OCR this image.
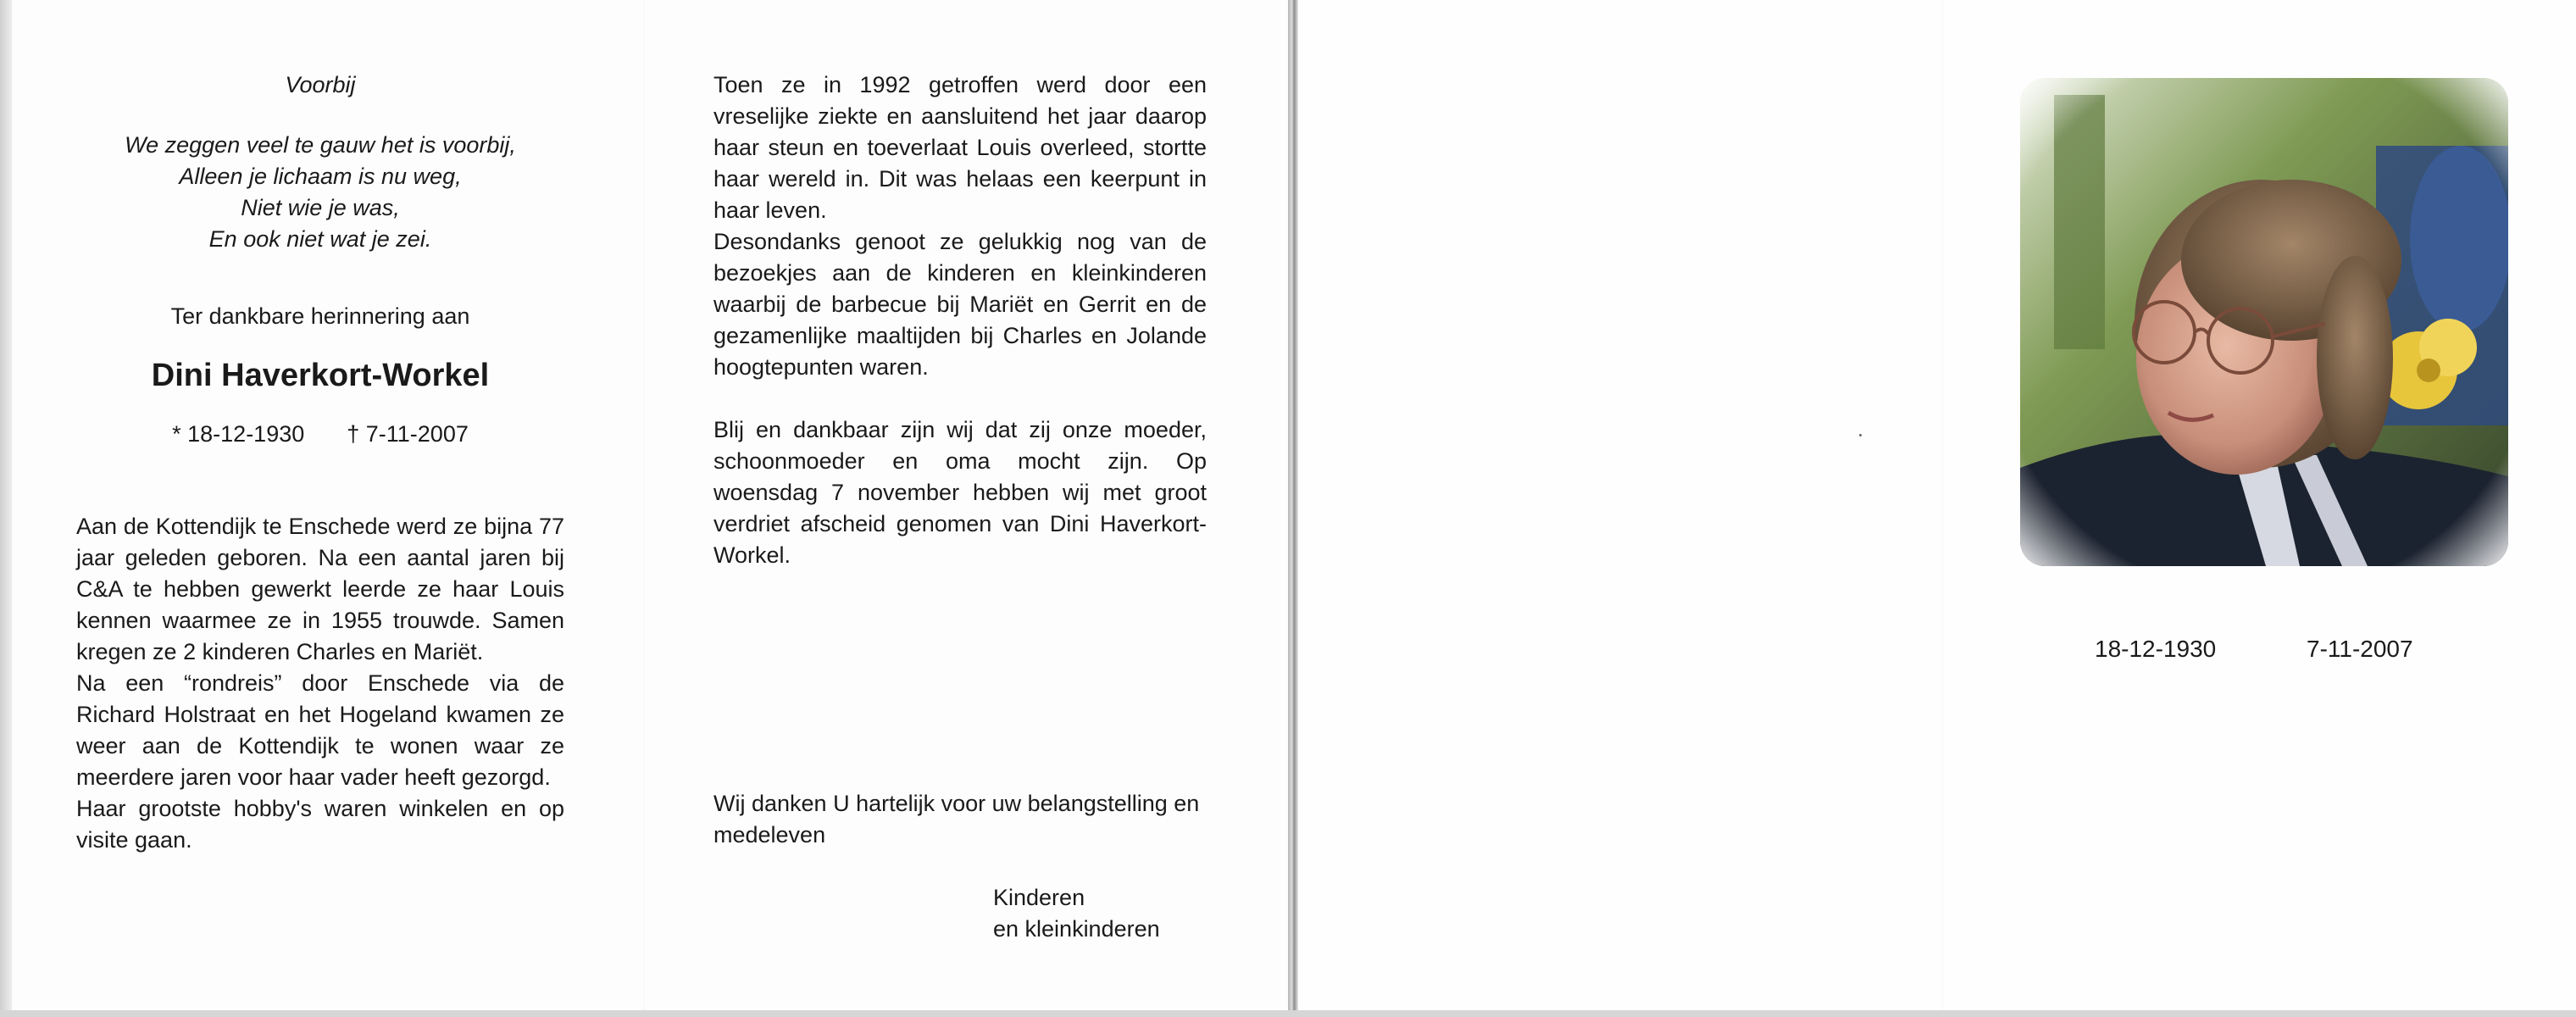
Voorbij
We zeggen veel te gauw het is voorbij,
Alleen je lichaam is nu weg,
Niet wie je was,
En ook niet wat je zei.
Ter dankbare herinnering aan
Dini Haverkort-Workel
* 18-12-1930 † 7-11-2007

Aan de Kottendijk te Enschede werd ze bijna 77 jaar geleden geboren. Na een aantal jaren bij C&A te hebben gewerkt leerde ze haar Louis kennen waarmee ze in 1955 trouwde. Samen kregen ze 2 kinderen Charles en Mariët.

Na een “rondreis” door Enschede via de Richard Holstraat en het Hogeland kwamen ze weer aan de Kottendijk te wonen waar ze meerdere jaren voor haar vader heeft gezorgd.

Haar grootste hobby's waren winkelen en op visite gaan.

Toen ze in 1992 getroffen werd door een vreselijke ziekte en aansluitend het jaar daarop haar steun en toeverlaat Louis overleed, stortte haar wereld in. Dit was helaas een keerpunt in haar leven.

Desondanks genoot ze gelukkig nog van de bezoekjes aan de kinderen en kleinkinderen waarbij de barbecue bij Mariët en Gerrit en de gezamenlijke maaltijden bij Charles en Jolande hoogtepunten waren.

Blij en dankbaar zijn wij dat zij onze moeder, schoonmoeder en oma mocht zijn. Op woensdag 7 november hebben wij met groot verdriet afscheid genomen van Dini Haverkort-Workel.

Wij danken U hartelijk voor uw belangstelling en medeleven
Kinderen
en kleinkinderen
18-12-1930	7-11-2007
